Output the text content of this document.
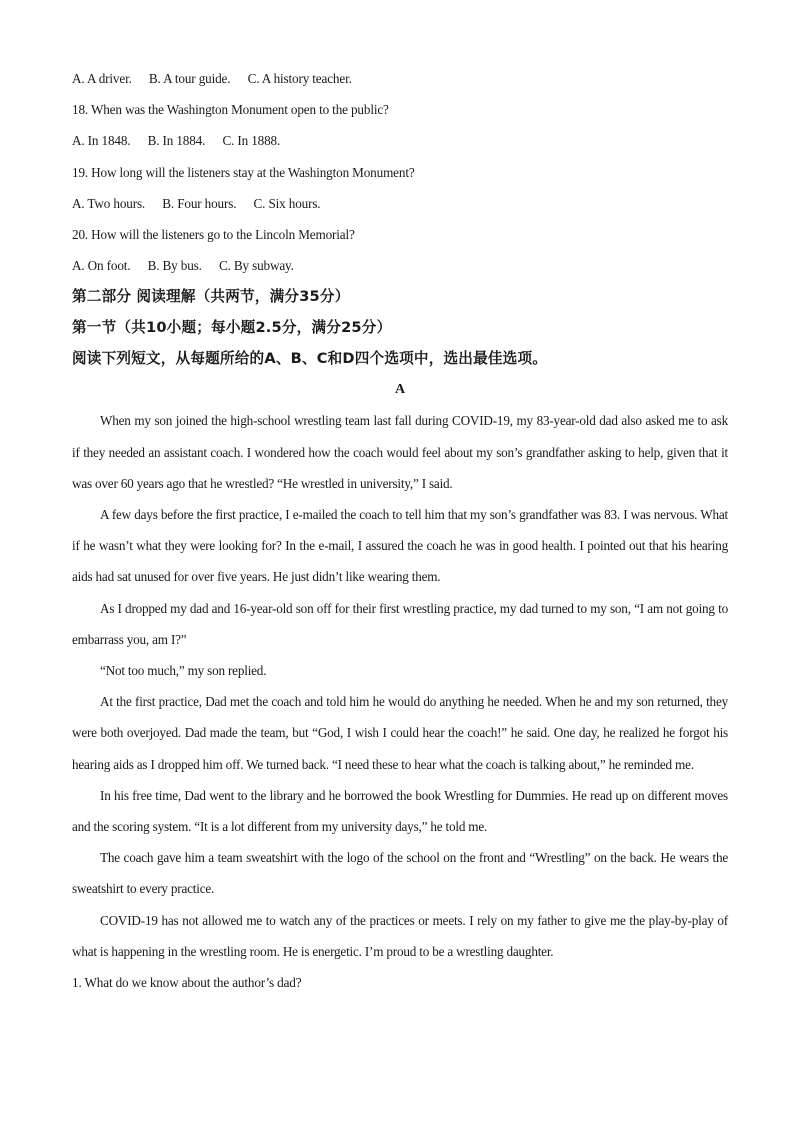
A. A driver. B. A tour guide. C. A history teacher.
18. When was the Washington Monument open to the public?
A. In 1848. B. In 1884. C. In 1888.
19. How long will the listeners stay at the Washington Monument?
A. Two hours. B. Four hours. C. Six hours.
20. How will the listeners go to the Lincoln Memorial?
A. On foot. B. By bus. C. By subway.
第二部分 阅读理解（共两节，满分35分）
第一节（共10小题；每小题2.5分，满分25分）
阅读下列短文，从每题所给的A、B、C和D四个选项中，选出最佳选项。
A

When my son joined the high-school wrestling team last fall during COVID-19, my 83-year-old dad also asked me to ask if they needed an assistant coach. I wondered how the coach would feel about my son’s grandfather asking to help, given that it was over 60 years ago that he wrestled? “He wrestled in university,” I said.

A few days before the first practice, I e-mailed the coach to tell him that my son’s grandfather was 83. I was nervous. What if he wasn’t what they were looking for? In the e-mail, I assured the coach he was in good health. I pointed out that his hearing aids had sat unused for over five years. He just didn’t like wearing them.

As I dropped my dad and 16-year-old son off for their first wrestling practice, my dad turned to my son, “I am not going to embarrass you, am I?”

“Not too much,” my son replied.

At the first practice, Dad met the coach and told him he would do anything he needed. When he and my son returned, they were both overjoyed. Dad made the team, but “God, I wish I could hear the coach!” he said. One day, he realized he forgot his hearing aids as I dropped him off. We turned back. “I need these to hear what the coach is talking about,” he reminded me.

In his free time, Dad went to the library and he borrowed the book Wrestling for Dummies. He read up on different moves and the scoring system. “It is a lot different from my university days,” he told me.

The coach gave him a team sweatshirt with the logo of the school on the front and “Wrestling” on the back. He wears the sweatshirt to every practice.

COVID-19 has not allowed me to watch any of the practices or meets. I rely on my father to give me the play-by-play of what is happening in the wrestling room. He is energetic. I’m proud to be a wrestling daughter.

1. What do we know about the author’s dad?
